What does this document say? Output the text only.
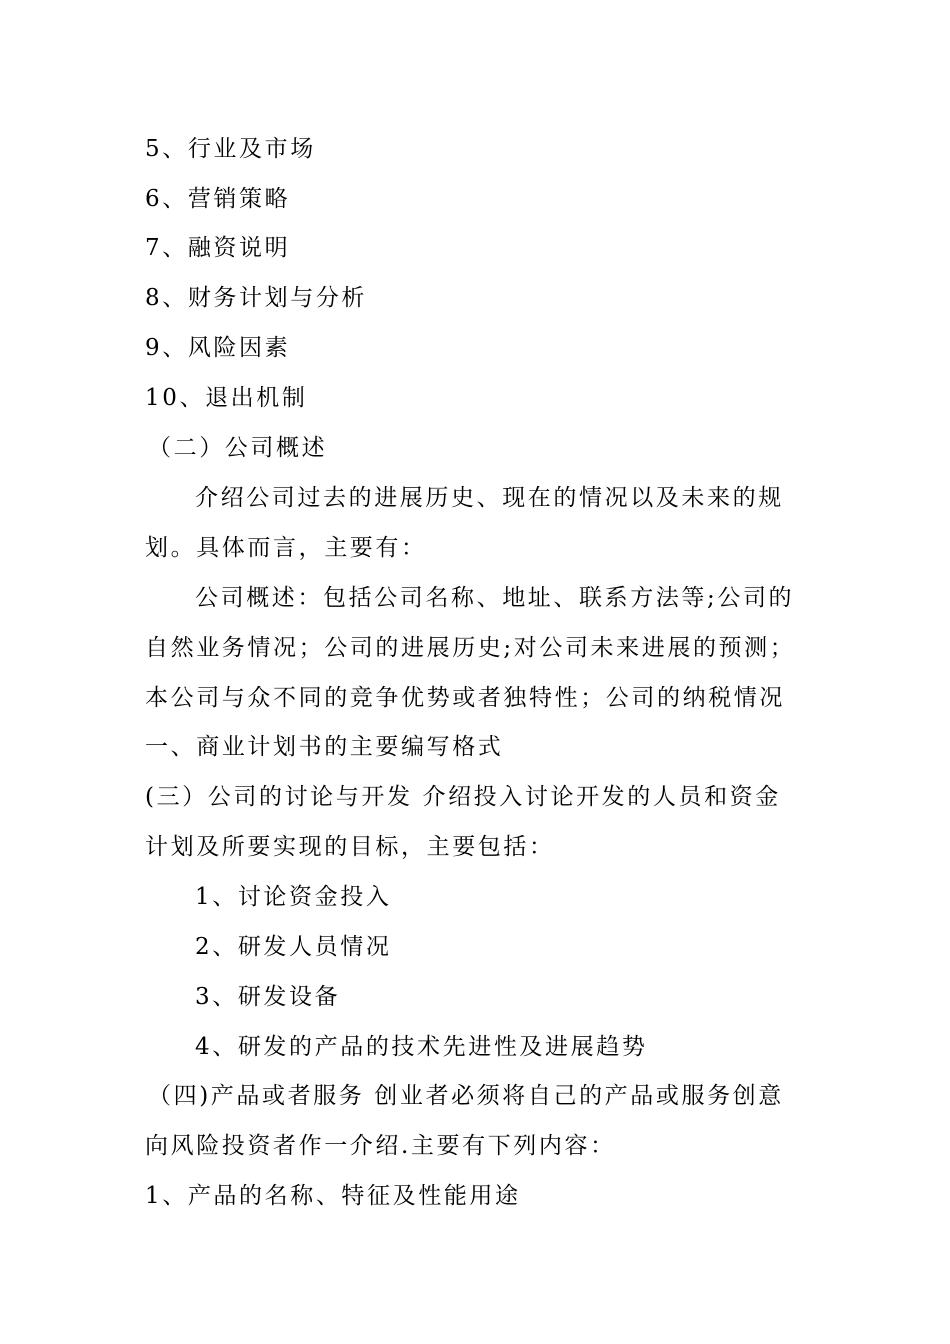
5、行业及市场
6、营销策略
7、融资说明
8、财务计划与分析
9、风险因素
10、退出机制
（二）公司概述
介绍公司过去的进展历史、现在的情况以及未来的规
划。具体而言，主要有：
公司概述：包括公司名称、地址、联系方法等;公司的
自然业务情况；公司的进展历史;对公司未来进展的预测；
本公司与众不同的竞争优势或者独特性；公司的纳税情况
一、商业计划书的主要编写格式
(三）公司的讨论与开发 介绍投入讨论开发的人员和资金
计划及所要实现的目标，主要包括：
1、讨论资金投入
2、研发人员情况
3、研发设备
4、研发的产品的技术先进性及进展趋势
（四)产品或者服务 创业者必须将自己的产品或服务创意
向风险投资者作一介绍.主要有下列内容：
1、产品的名称、特征及性能用途
